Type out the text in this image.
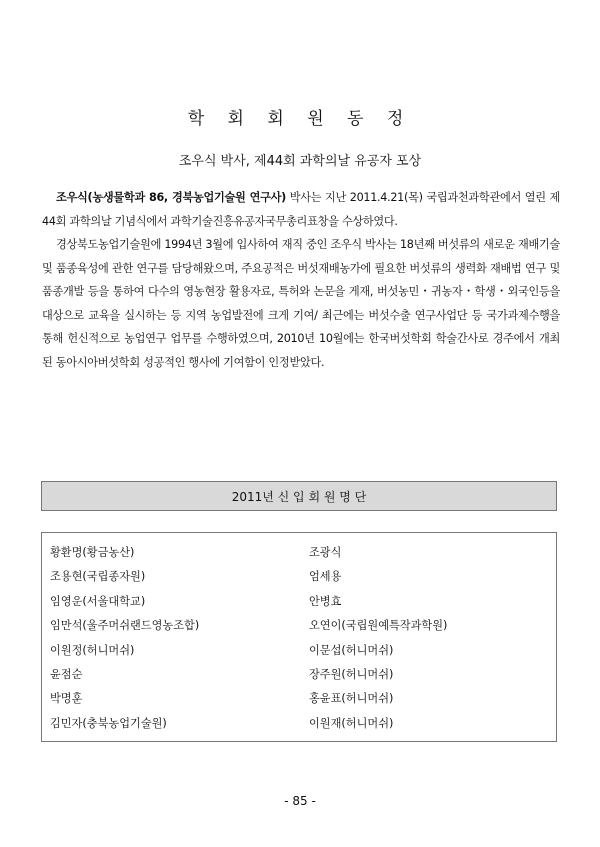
학 회 회 원 동 정
조우식 박사, 제44회 과학의날 유공자 포상

조우식(농생물학과 86, 경북농업기술원 연구사) 박사는 지난 2011.4.21(목) 국립과천과학관에서 열린 제44회 과학의날 기념식에서 과학기술진흥유공자국무총리표창을 수상하였다.

경상북도농업기술원에 1994년 3월에 입사하여 재직 중인 조우식 박사는 18년째 버섯류의 새로운 재배기술 및 품종육성에 관한 연구를 담당해왔으며, 주요공적은 버섯재배농가에 필요한 버섯류의 생력화 재배법 연구 및 품종개발 등을 통하여 다수의 영농현장 활용자료, 특허와 논문을 게재, 버섯농민・귀농자・학생・외국인등을 대상으로 교육을 실시하는 등 지역 농업발전에 크게 기여/ 최근에는 버섯수출 연구사업단 등 국가과제수행을 통해 헌신적으로 농업연구 업무를 수행하였으며, 2010년 10월에는 한국버섯학회 학술간사로 경주에서 개최된 동아시아버섯학회 성공적인 행사에 기여함이 인정받았다.

2011년 신 입 회 원 명 단
황환명(황금농산)
조용현(국립종자원)
임영운(서울대학교)
임만석(울주머쉬랜드영농조합)
이원정(허니머쉬)
윤점순
박명훈
김민자(충북농업기술원)
조광식
엄세용
안병효
오연이(국립원예특작과학원)
이문섭(허니머쉬)
장주원(허니머쉬)
홍윤표(허니머쉬)
이원재(허니머쉬)
- 85 -
